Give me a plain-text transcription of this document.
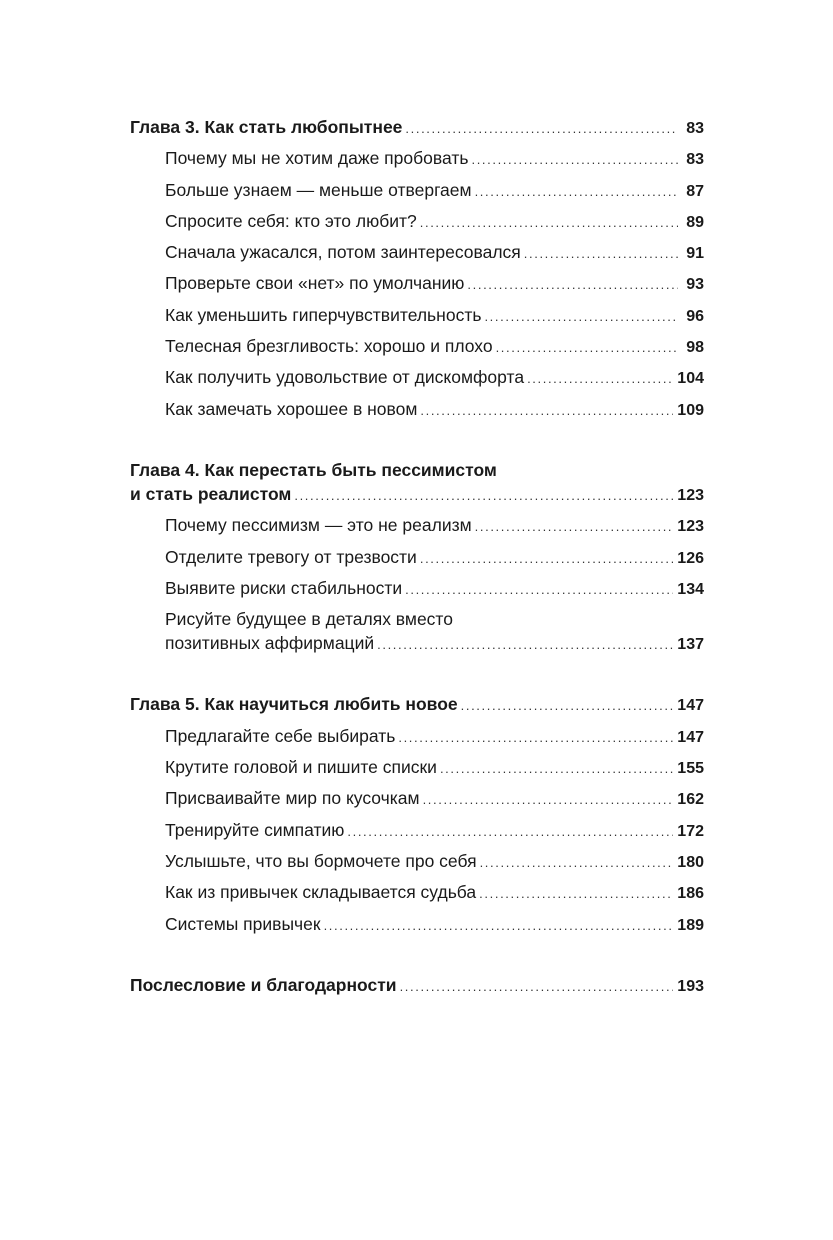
Глава 3. Как стать любопытнее . . .	83
Почему мы не хотим даже пробовать . . .	83
Больше узнаем — меньше отвергаем . . .	87
Спросите себя: кто это любит? . . .	89
Сначала ужасался, потом заинтересовался . . .	91
Проверьте свои «нет» по умолчанию . . .	93
Как уменьшить гиперчувствительность . . .	96
Телесная брезгливость: хорошо и плохо . . .	98
Как получить удовольствие от дискомфорта . . .	104
Как замечать хорошее в новом . . .	109
Глава 4. Как перестать быть пессимистом
и стать реалистом . . .	123
Почему пессимизм — это не реализм . . .	123
Отделите тревогу от трезвости . . .	126
Выявите риски стабильности . . .	134
Рисуйте будущее в деталях вместо
позитивных аффирмаций . . .	137
Глава 5. Как научиться любить новое . . .	147
Предлагайте себе выбирать . . .	147
Крутите головой и пишите списки . . .	155
Присваивайте мир по кусочкам . . .	162
Тренируйте симпатию . . .	172
Услышьте, что вы бормочете про себя . . .	180
Как из привычек складывается судьба . . .	186
Системы привычек . . .	189
Послесловие и благодарности . . .	193
